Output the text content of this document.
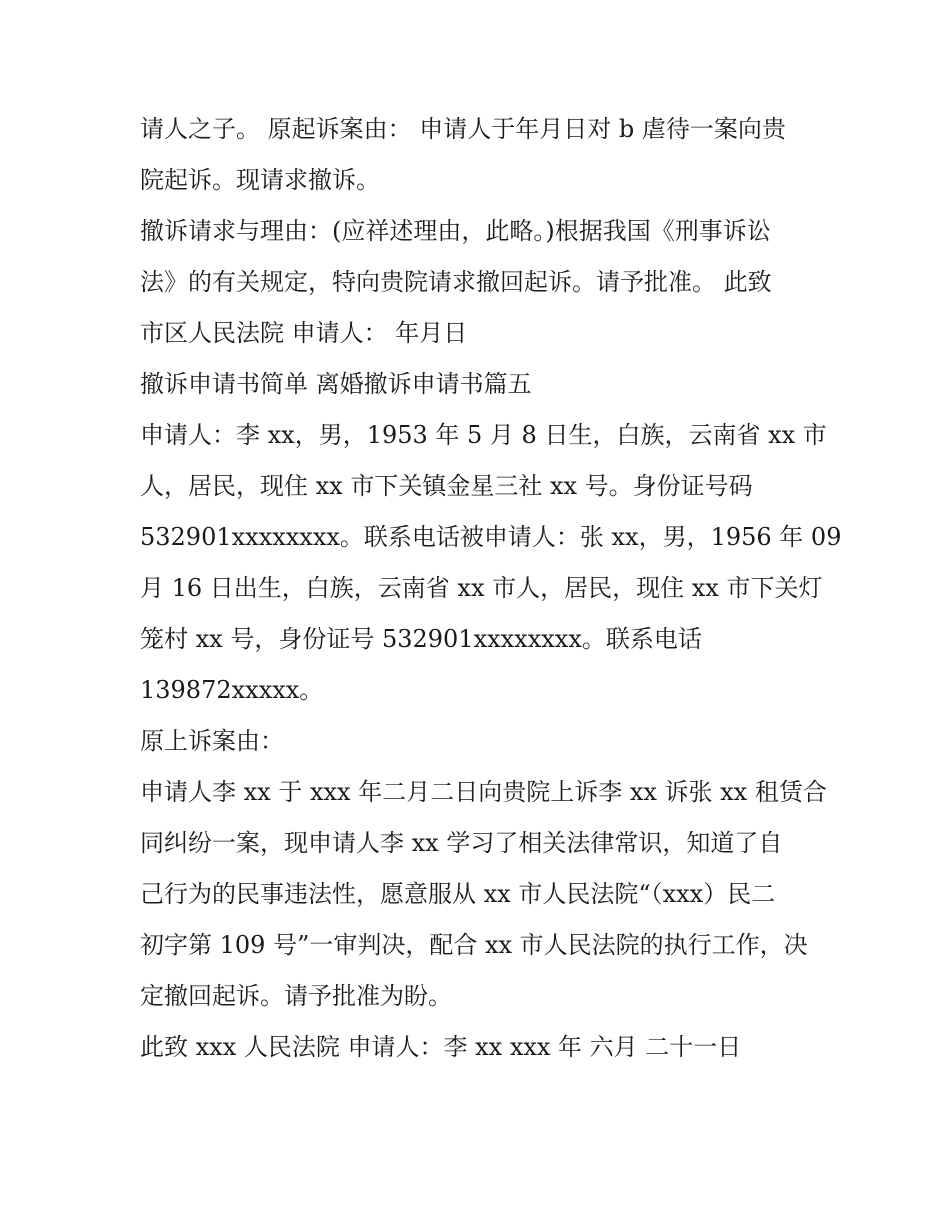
请人之子。 原起诉案由： 申请人于年月日对 b 虐待一案向贵

院起诉。现请求撤诉。

撤诉请求与理由：(应祥述理由，此略。)根据我国《刑事诉讼

法》的有关规定，特向贵院请求撤回起诉。请予批准。 此致

市区人民法院 申请人： 年月日

撤诉申请书简单 离婚撤诉申请书篇五

申请人：李 xx，男，1953 年 5 月 8 日生，白族，云南省 xx 市

人，居民，现住 xx 市下关镇金星三社 xx 号。身份证号码

532901xxxxxxxx。联系电话被申请人：张 xx，男，1956 年 09

月 16 日出生，白族，云南省 xx 市人，居民，现住 xx 市下关灯

笼村 xx 号，身份证号 532901xxxxxxxx。联系电话

139872xxxxx。

原上诉案由：

申请人李 xx 于 xxx 年二月二日向贵院上诉李 xx 诉张 xx 租赁合

同纠纷一案，现申请人李 xx 学习了相关法律常识，知道了自

己行为的民事违法性，愿意服从 xx 市人民法院“（xxx）民二

初字第 109 号”一审判决，配合 xx 市人民法院的执行工作，决

定撤回起诉。请予批准为盼。

此致 xxx 人民法院 申请人：李 xx xxx 年 六月 二十一日
